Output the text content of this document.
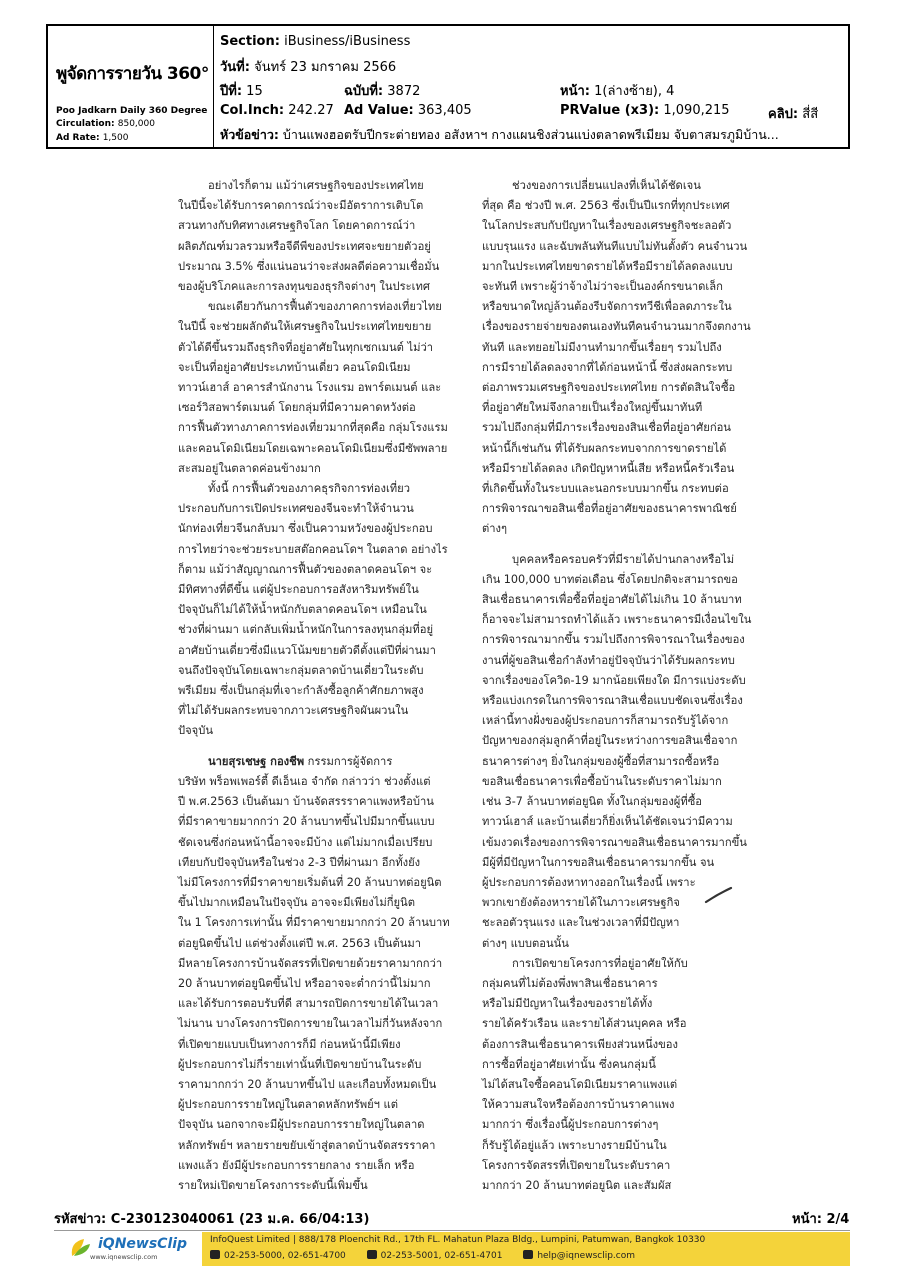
พูจัดการรายวัน 360°
Poo Jadkarn Daily 360 Degree
Circulation: 850,000
Ad Rate: 1,500
Section: iBusiness/iBusiness
วันที่: จันทร์ 23 มกราคม 2566
ปีที่: 15	ฉบับที่: 3872	หน้า: 1(ล่างซ้าย), 4
Col.Inch: 242.27 Ad Value: 363,405	PRValue (x3): 1,090,215	คลิป: สี่สี
หัวข้อข่าว: บ้านแพงฮอตรับปีกระต่ายทอง อสังหาฯ กางแผนชิงส่วนแบ่งตลาดพรีเมียม จับตาสมรภูมิบ้าน...

อย่างไรก็ตาม แม้ว่าเศรษฐกิจของประเทศไทย

ในปีนี้จะได้รับการคาดการณ์ว่าจะมีอัตราการเติบโต

สวนทางกับทิศทางเศรษฐกิจโลก โดยคาดการณ์ว่า

ผลิตภัณฑ์มวลรวมหรือจีดีพีของประเทศจะขยายตัวอยู่

ประมาณ 3.5% ซึ่งแน่นอนว่าจะส่งผลดีต่อความเชื่อมั่น

ของผู้บริโภคและการลงทุนของธุรกิจต่างๆ ในประเทศ

ขณะเดียวกันการฟื้นตัวของภาคการท่องเที่ยวไทย

ในปีนี้ จะช่วยผลักดันให้เศรษฐกิจในประเทศไทยขยาย

ตัวได้ดีขึ้นรวมถึงธุรกิจที่อยู่อาศัยในทุกเซกเมนต์ ไม่ว่า

จะเป็นที่อยู่อาศัยประเภทบ้านเดี่ยว คอนโดมิเนียม

ทาวน์เฮาส์ อาคารสำนักงาน โรงแรม อพาร์ตเมนต์ และ

เซอร์วิสอพาร์ตเมนต์ โดยกลุ่มที่มีความคาดหวังต่อ

การฟื้นตัวทางภาคการท่องเที่ยวมากที่สุดคือ กลุ่มโรงแรม

และคอนโดมิเนียมโดยเฉพาะคอนโดมิเนียมซึ่งมีซัพพลาย

สะสมอยู่ในตลาดค่อนข้างมาก

ทั้งนี้ การฟื้นตัวของภาคธุรกิจการท่องเที่ยว

ประกอบกับการเปิดประเทศของจีนจะทำให้จำนวน

นักท่องเที่ยวจีนกลับมา ซึ่งเป็นความหวังของผู้ประกอบ

การไทยว่าจะช่วยระบายสต๊อกคอนโดฯ ในตลาด อย่างไร

ก็ตาม แม้ว่าสัญญาณการฟื้นตัวของตลาดคอนโดฯ จะ

มีทิศทางที่ดีขึ้น แต่ผู้ประกอบการอสังหาริมทรัพย์ใน

ปัจจุบันก็ไม่ได้ให้น้ำหนักกับตลาดคอนโดฯ เหมือนใน

ช่วงที่ผ่านมา แต่กลับเพิ่มน้ำหนักในการลงทุนกลุ่มที่อยู่

อาศัยบ้านเดี่ยวซึ่งมีแนวโน้มขยายตัวดีตั้งแต่ปีที่ผ่านมา

จนถึงปัจจุบันโดยเฉพาะกลุ่มตลาดบ้านเดี่ยวในระดับ

พรีเมียม ซึ่งเป็นกลุ่มที่เจาะกำลังซื้อลูกค้าศักยภาพสูง

ที่ไม่ได้รับผลกระทบจากภาวะเศรษฐกิจผันผวนใน

ปัจจุบัน

นายสุรเชษฐ กองชีพ กรรมการผู้จัดการ

บริษัท พร็อพเพอร์ตี้ ดีเอ็นเอ จำกัด กล่าวว่า ช่วงตั้งแต่

ปี พ.ศ.2563 เป็นต้นมา บ้านจัดสรรราคาแพงหรือบ้าน

ที่มีราคาขายมากกว่า 20 ล้านบาทขึ้นไปมีมากขึ้นแบบ

ชัดเจนซึ่งก่อนหน้านี้อาจจะมีบ้าง แต่ไม่มากเมื่อเปรียบ

เทียบกับปัจจุบันหรือในช่วง 2-3 ปีที่ผ่านมา อีกทั้งยัง

ไม่มีโครงการที่มีราคาขายเริ่มต้นที่ 20 ล้านบาทต่อยูนิต

ขึ้นไปมากเหมือนในปัจจุบัน อาจจะมีเพียงไม่กี่ยูนิต

ใน 1 โครงการเท่านั้น ที่มีราคาขายมากกว่า 20 ล้านบาท

ต่อยูนิตขึ้นไป แต่ช่วงตั้งแต่ปี พ.ศ. 2563 เป็นต้นมา

มีหลายโครงการบ้านจัดสรรที่เปิดขายด้วยราคามากกว่า

20 ล้านบาทต่อยูนิตขึ้นไป หรืออาจจะต่ำกว่านี้ไม่มาก

และได้รับการตอบรับที่ดี สามารถปิดการขายได้ในเวลา

ไม่นาน บางโครงการปิดการขายในเวลาไม่กี่วันหลังจาก

ที่เปิดขายแบบเป็นทางการก็มี ก่อนหน้านี้มีเพียง

ผู้ประกอบการไม่กี่รายเท่านั้นที่เปิดขายบ้านในระดับ

ราคามากกว่า 20 ล้านบาทขึ้นไป และเกือบทั้งหมดเป็น

ผู้ประกอบการรายใหญ่ในตลาดหลักทรัพย์ฯ แต่

ปัจจุบัน นอกจากจะมีผู้ประกอบการรายใหญ่ในตลาด

หลักทรัพย์ฯ หลายรายขยับเข้าสู่ตลาดบ้านจัดสรรราคา

แพงแล้ว ยังมีผู้ประกอบการรายกลาง รายเล็ก หรือ

รายใหม่เปิดขายโครงการระดับนี้เพิ่มขึ้น

ช่วงของการเปลี่ยนแปลงที่เห็นได้ชัดเจน

ที่สุด คือ ช่วงปี พ.ศ. 2563 ซึ่งเป็นปีแรกที่ทุกประเทศ

ในโลกประสบกับปัญหาในเรื่องของเศรษฐกิจชะลอตัว

แบบรุนแรง และฉับพลันทันทีแบบไม่ทันตั้งตัว คนจำนวน

มากในประเทศไทยขาดรายได้หรือมีรายได้ลดลงแบบ

จะทันที เพราะผู้ว่าจ้างไม่ว่าจะเป็นองค์กรขนาดเล็ก

หรือขนาดใหญ่ล้วนต้องรีบจัดการทวีชีเพื่อลดภาระใน

เรื่องของรายจ่ายของตนเองทันทีคนจำนวนมากจึงตกงาน

ทันที และทยอยไม่มีงานทำมากขึ้นเรื่อยๆ รวมไปถึง

การมีรายได้ลดลงจากที่ได้ก่อนหน้านี้ ซึ่งส่งผลกระทบ

ต่อภาพรวมเศรษฐกิจของประเทศไทย การตัดสินใจซื้อ

ที่อยู่อาศัยใหม่จึงกลายเป็นเรื่องใหญ่ขึ้นมาทันที

รวมไปถึงกลุ่มที่มีภาระเรื่องของสินเชื่อที่อยู่อาศัยก่อน

หน้านี้ก็เช่นกัน ที่ได้รับผลกระทบจากการขาดรายได้

หรือมีรายได้ลดลง เกิดปัญหาหนี้เสีย หรือหนี้ครัวเรือน

ที่เกิดขึ้นทั้งในระบบและนอกระบบมากขึ้น กระทบต่อ

การพิจารณาขอสินเชื่อที่อยู่อาศัยของธนาคารพาณิชย์

ต่างๆ

บุคคลหรือครอบครัวที่มีรายได้ปานกลางหรือไม่

เกิน 100,000 บาทต่อเดือน ซึ่งโดยปกติจะสามารถขอ

สินเชื่อธนาคารเพื่อซื้อที่อยู่อาศัยได้ไม่เกิน 10 ล้านบาท

ก็อาจจะไม่สามารถทำได้แล้ว เพราะธนาคารมีเงื่อนไขใน

การพิจารณามากขึ้น รวมไปถึงการพิจารณาในเรื่องของ

งานที่ผู้ขอสินเชื่อกำลังทำอยู่ปัจจุบันว่าได้รับผลกระทบ

จากเรื่องของโควิด-19 มากน้อยเพียงใด มีการแบ่งระดับ

หรือแบ่งเกรดในการพิจารณาสินเชื่อแบบชัดเจนซึ่งเรื่อง

เหล่านี้ทางฝั่งของผู้ประกอบการก็สามารถรับรู้ได้จาก

ปัญหาของกลุ่มลูกค้าที่อยู่ในระหว่างการขอสินเชื่อจาก

ธนาคารต่างๆ ยิ่งในกลุ่มของผู้ซื้อที่สามารถซื้อหรือ

ขอสินเชื่อธนาคารเพื่อซื้อบ้านในระดับราคาไม่มาก

เช่น 3-7 ล้านบาทต่อยูนิต ทั้งในกลุ่มของผู้ที่ซื้อ

ทาวน์เฮาส์ และบ้านเดี่ยวก็ยิ่งเห็นได้ชัดเจนว่ามีความ

เข้มงวดเรื่องของการพิจารณาขอสินเชื่อธนาคารมากขึ้น

มีผู้ที่มีปัญหาในการขอสินเชื่อธนาคารมากขึ้น จน

ผู้ประกอบการต้องหาทางออกในเรื่องนี้ เพราะ

พวกเขายังต้องหารายได้ในภาวะเศรษฐกิจ

ชะลอตัวรุนแรง และในช่วงเวลาที่มีปัญหา

ต่างๆ แบบตอนนั้น

การเปิดขายโครงการที่อยู่อาศัยให้กับ

กลุ่มคนที่ไม่ต้องพึ่งพาสินเชื่อธนาคาร

หรือไม่มีปัญหาในเรื่องของรายได้ทั้ง

รายได้ครัวเรือน และรายได้ส่วนบุคคล หรือ

ต้องการสินเชื่อธนาคารเพียงส่วนหนึ่งของ

การซื้อที่อยู่อาศัยเท่านั้น ซึ่งคนกลุ่มนี้

ไม่ได้สนใจซื้อคอนโดมิเนียมราคาแพงแต่

ให้ความสนใจหรือต้องการบ้านราคาแพง

มากกว่า ซึ่งเรื่องนี้ผู้ประกอบการต่างๆ

ก็รับรู้ได้อยู่แล้ว เพราะบางรายมีบ้านใน

โครงการจัดสรรที่เปิดขายในระดับราคา

มากกว่า 20 ล้านบาทต่อยูนิต และสัมผัส

รหัสข่าว: C-230123040061 (23 ม.ค. 66/04:13)	หน้า: 2/4
iQNewsClip
www.iqnewsclip.com
InfoQuest Limited | 888/178 Ploenchit Rd., 17th FL. Mahatun Plaza Bldg., Lumpini, Patumwan, Bangkok 10330
02-253-5000, 02-651-4700	02-253-5001, 02-651-4701	help@iqnewsclip.com
